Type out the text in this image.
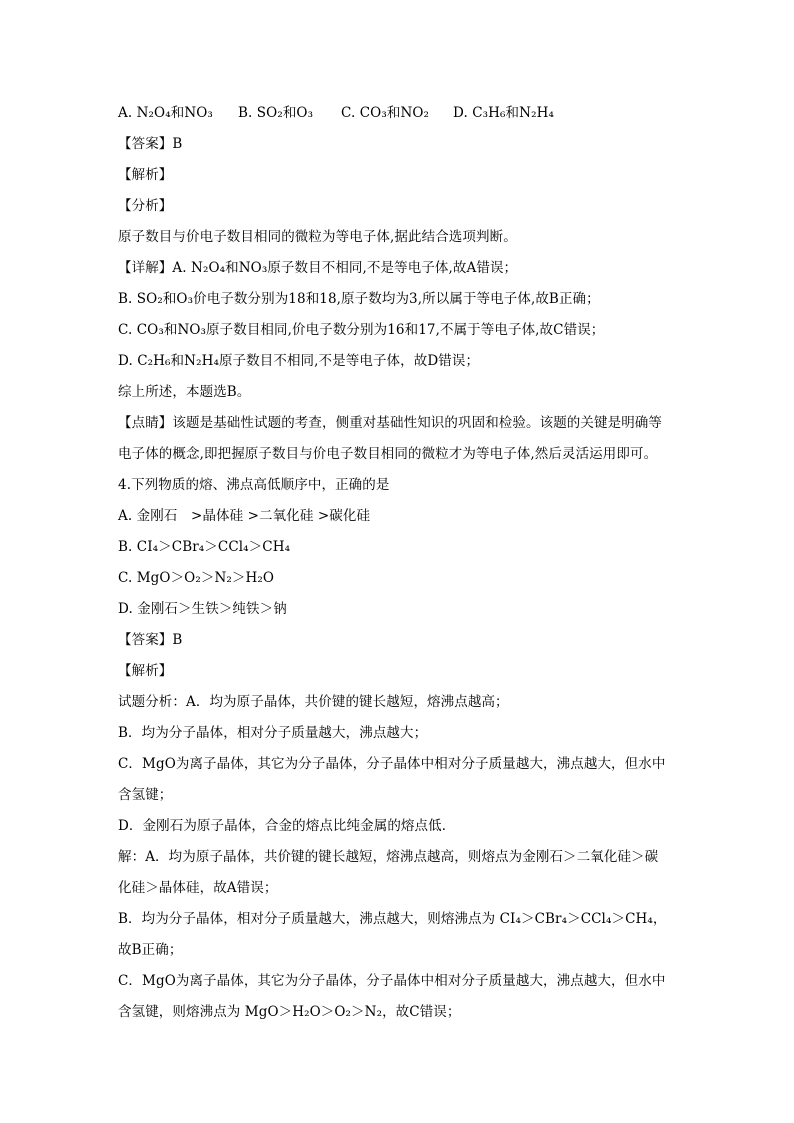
A. N₂O₄和NO₃ B. SO₂和O₃ C. CO₃和NO₂ D. C₃H₆和N₂H₄
【答案】B
【解析】
【分析】
原子数目与价电子数目相同的微粒为等电子体,据此结合选项判断。
【详解】A. N₂O₄和NO₃原子数目不相同,不是等电子体,故A错误；
B. SO₂和O₃价电子数分别为18和18,原子数均为3,所以属于等电子体,故B正确；
C. CO₃和NO₃原子数目相同,价电子数分别为16和17,不属于等电子体,故C错误；
D. C₂H₆和N₂H₄原子数目不相同,不是等电子体，故D错误；
综上所述，本题选B。
【点睛】该题是基础性试题的考查，侧重对基础性知识的巩固和检验。该题的关键是明确等
电子体的概念,即把握原子数目与价电子数目相同的微粒才为等电子体,然后灵活运用即可。
4.下列物质的熔、沸点高低顺序中，正确的是
A. 金刚石　>晶体硅 >二氧化硅 >碳化硅
B. CI₄＞CBr₄＞CCl₄＞CH₄
C. MgO＞O₂＞N₂＞H₂O
D. 金刚石＞生铁＞纯铁＞钠
【答案】B
【解析】
试题分析：A．均为原子晶体，共价键的键长越短，熔沸点越高；
B．均为分子晶体，相对分子质量越大，沸点越大；
C．MgO为离子晶体，其它为分子晶体，分子晶体中相对分子质量越大，沸点越大，但水中
含氢键；
D．金刚石为原子晶体，合金的熔点比纯金属的熔点低．
解：A．均为原子晶体，共价键的键长越短，熔沸点越高，则熔点为金刚石＞二氧化硅＞碳
化硅＞晶体硅，故A错误；
B．均为分子晶体，相对分子质量越大，沸点越大，则熔沸点为 CI₄＞CBr₄＞CCl₄＞CH₄，
故B正确；
C．MgO为离子晶体，其它为分子晶体，分子晶体中相对分子质量越大，沸点越大，但水中
含氢键，则熔沸点为 MgO＞H₂O＞O₂＞N₂，故C错误；
